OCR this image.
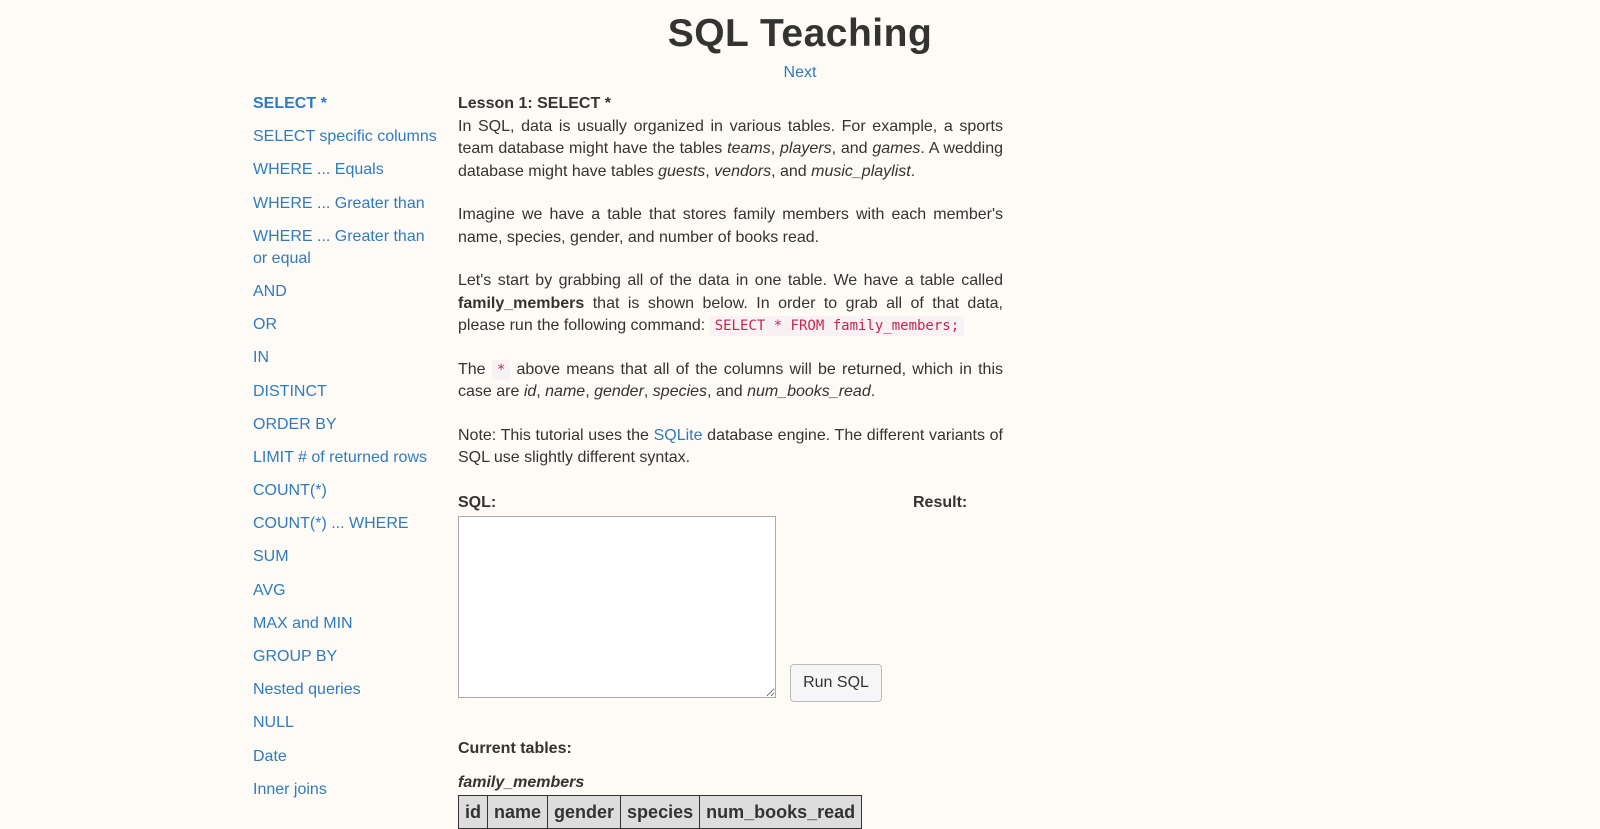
SQL Teaching
Next
SELECT *
SELECT specific columns
WHERE ... Equals
WHERE ... Greater than
WHERE ... Greater than or equal
AND
OR
IN
DISTINCT
ORDER BY
LIMIT # of returned rows
COUNT(*)
COUNT(*) ... WHERE
SUM
AVG
MAX and MIN
GROUP BY
Nested queries
NULL
Date
Inner joins
Lesson 1: SELECT *

In SQL, data is usually organized in various tables. For example, a sports team database might have the tables teams, players, and games. A wedding database might have tables guests, vendors, and music_playlist.

Imagine we have a table that stores family members with each member's name, species, gender, and number of books read.

Let's start by grabbing all of the data in one table. We have a table called family_members that is shown below. In order to grab all of that data, please run the following command: SELECT * FROM family_members;

The * above means that all of the columns will be returned, which in this case are id, name, gender, species, and num_books_read.

Note: This tutorial uses the SQLite database engine. The different variants of SQL use slightly different syntax.

SQL:	Result:
Run SQL
Current tables:
family_members
id	name	gender	species	num_books_read
